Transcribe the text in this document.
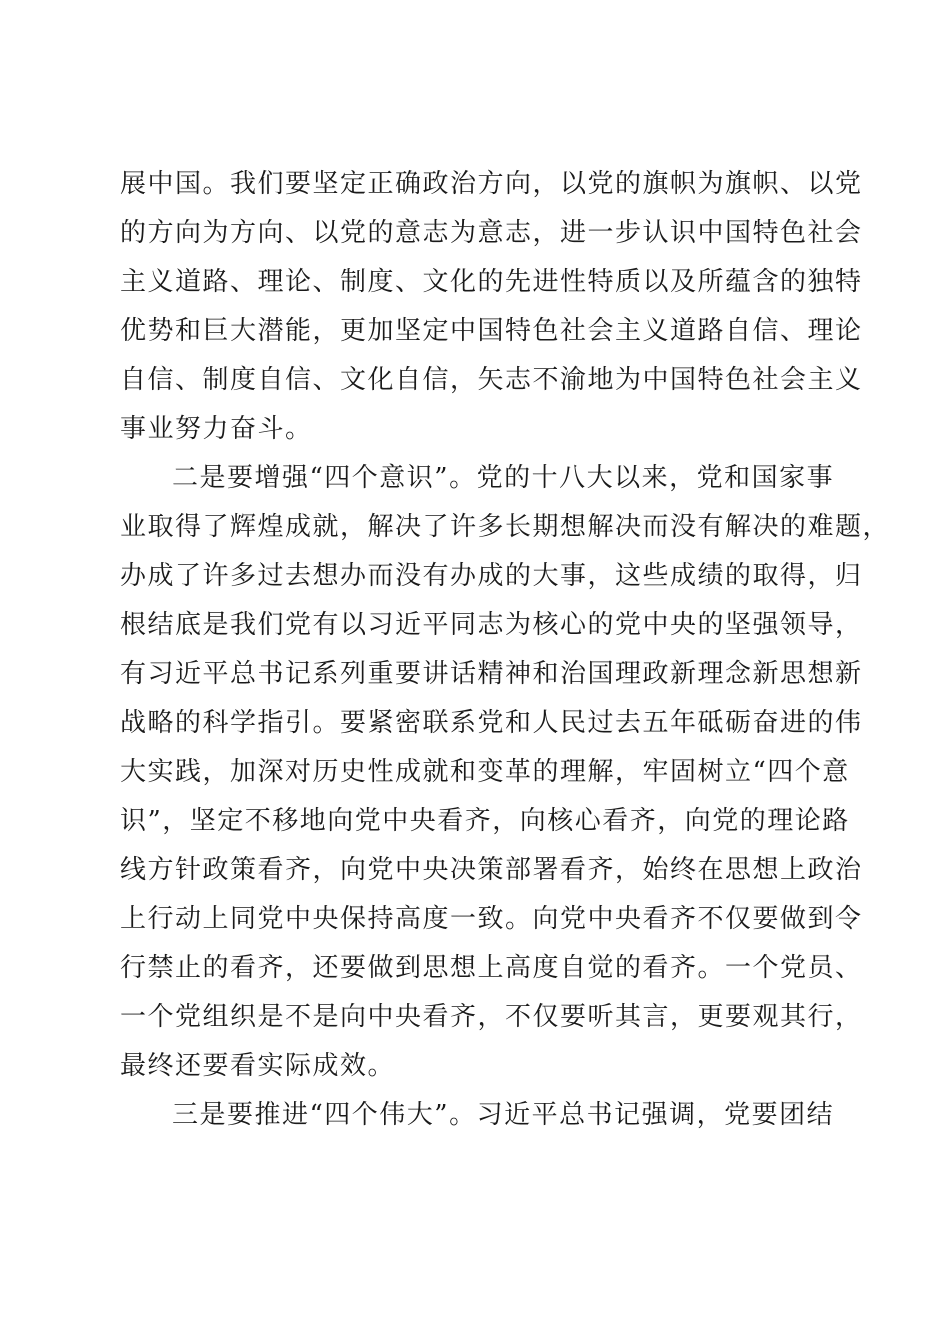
展中国。我们要坚定正确政治方向，以党的旗帜为旗帜、以党
的方向为方向、以党的意志为意志，进一步认识中国特色社会
主义道路、理论、制度、文化的先进性特质以及所蕴含的独特
优势和巨大潜能，更加坚定中国特色社会主义道路自信、理论
自信、制度自信、文化自信，矢志不渝地为中国特色社会主义
事业努力奋斗。
二是要增强“四个意识”。党的十八大以来，党和国家事
业取得了辉煌成就，解决了许多长期想解决而没有解决的难题，
办成了许多过去想办而没有办成的大事，这些成绩的取得，归
根结底是我们党有以习近平同志为核心的党中央的坚强领导，
有习近平总书记系列重要讲话精神和治国理政新理念新思想新
战略的科学指引。要紧密联系党和人民过去五年砥砺奋进的伟
大实践，加深对历史性成就和变革的理解，牢固树立“四个意
识”，坚定不移地向党中央看齐，向核心看齐，向党的理论路
线方针政策看齐，向党中央决策部署看齐，始终在思想上政治
上行动上同党中央保持高度一致。向党中央看齐不仅要做到令
行禁止的看齐，还要做到思想上高度自觉的看齐。一个党员、
一个党组织是不是向中央看齐，不仅要听其言，更要观其行，
最终还要看实际成效。
三是要推进“四个伟大”。习近平总书记强调，党要团结
